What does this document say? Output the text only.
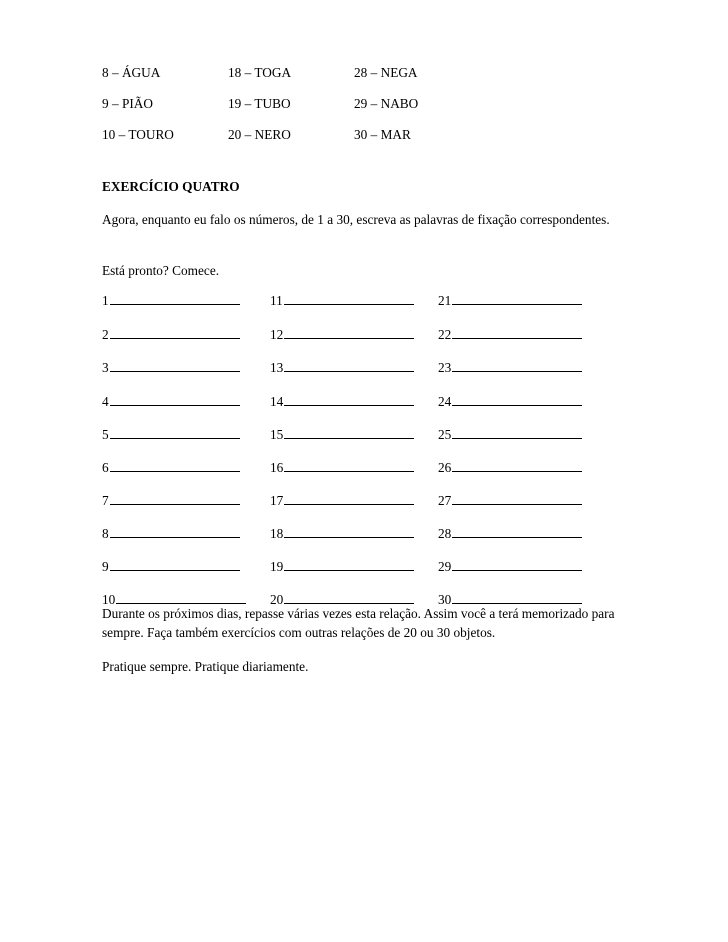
8 – ÁGUA	18 – TOGA	28 – NEGA
9 – PIÃO	19 – TUBO	29 – NABO
10 – TOURO	20 – NERO	30 – MAR
EXERCÍCIO QUATRO
Agora, enquanto eu falo os números, de 1 a 30, escreva as palavras de fixação correspondentes.
Está pronto? Comece.
1	11	21
2	12	22
3	13	23
4	14	24
5	15	25
6	16	26
7	17	27
8	18	28
9	19	29
10	20	30
Durante os próximos dias, repasse várias vezes esta relação. Assim você a terá memorizado para sempre. Faça também exercícios com outras relações de 20 ou 30 objetos.
Pratique sempre. Pratique diariamente.
